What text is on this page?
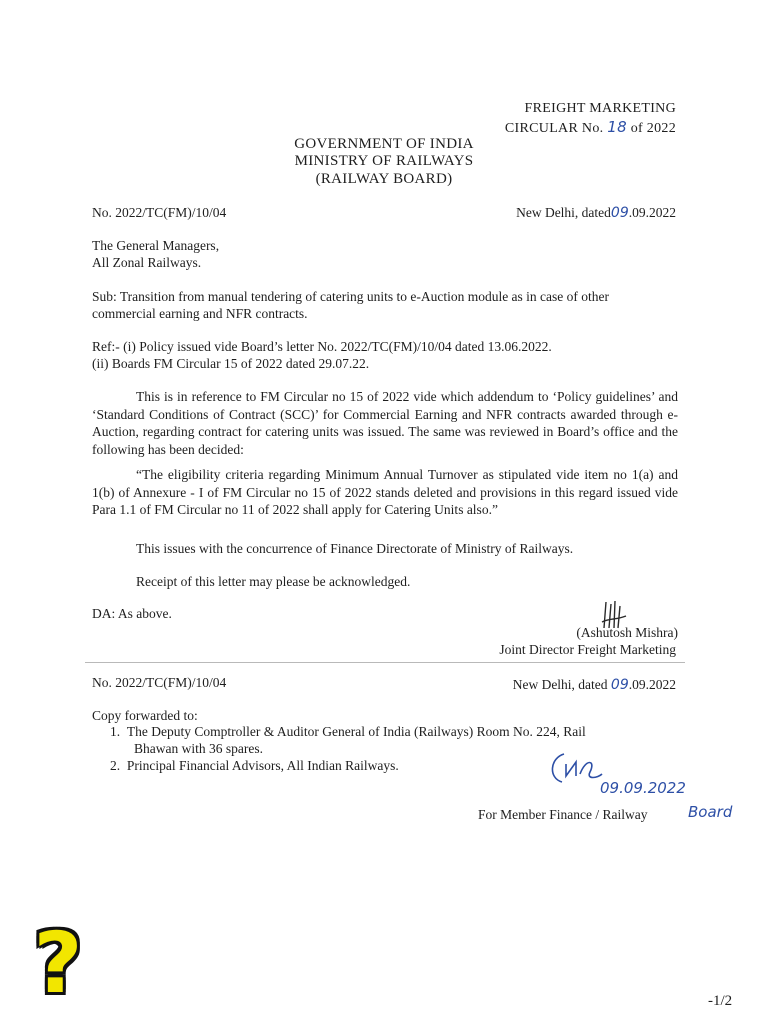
FREIGHT MARKETING
CIRCULAR No. 18 of 2022
GOVERNMENT OF INDIA
MINISTRY OF RAILWAYS
(RAILWAY BOARD)
No. 2022/TC(FM)/10/04	New Delhi, dated09.09.2022
The General Managers,
All Zonal Railways.
Sub: Transition from manual tendering of catering units to e-Auction module as in case of other
commercial earning and NFR contracts.
Ref:- (i) Policy issued vide Board’s letter No. 2022/TC(FM)/10/04 dated 13.06.2022.
(ii) Boards FM Circular 15 of 2022 dated 29.07.22.
This is in reference to FM Circular no 15 of 2022 vide which addendum to ‘Policy guidelines’ and ‘Standard Conditions of Contract (SCC)’ for Commercial Earning and NFR contracts awarded through e-Auction, regarding contract for catering units was issued. The same was reviewed in Board’s office and the following has been decided:
“The eligibility criteria regarding Minimum Annual Turnover as stipulated vide item no 1(a) and 1(b) of Annexure - I of FM Circular no 15 of 2022 stands deleted and provisions in this regard issued vide Para 1.1 of FM Circular no 11 of 2022 shall apply for Catering Units also.”
This issues with the concurrence of Finance Directorate of Ministry of Railways.
Receipt of this letter may please be acknowledged.
DA: As above.
(Ashutosh Mishra)
Joint Director Freight Marketing
No. 2022/TC(FM)/10/04	New Delhi, dated 09.09.2022
Copy forwarded to:
1. The Deputy Comptroller & Auditor General of India (Railways) Room No. 224, Rail
Bhawan with 36 spares.
2. Principal Financial Advisors, All Indian Railways.
09.09.2022
For Member Finance / Railway	Board
?	-1/2
